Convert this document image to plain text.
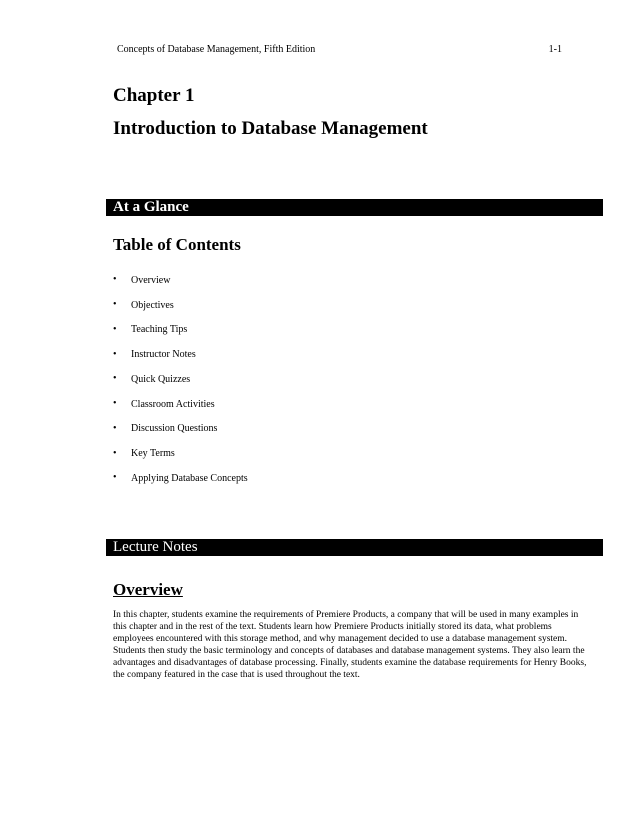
Concepts of Database Management, Fifth Edition	1-1
Chapter 1
Introduction to Database Management
At a Glance
Table of Contents
•	Overview
•	Objectives
•	Teaching Tips
•	Instructor Notes
•	Quick Quizzes
•	Classroom Activities
•	Discussion Questions
•	Key Terms
•	Applying Database Concepts
Lecture Notes
Overview

In this chapter, students examine the requirements of Premiere Products, a company that will be used in many examples in this chapter and in the rest of the text. Students learn how Premiere Products initially stored its data, what problems employees encountered with this storage method, and why management decided to use a database management system. Students then study the basic terminology and concepts of databases and database management systems. They also learn the advantages and disadvantages of database processing. Finally, students examine the database requirements for Henry Books, the company featured in the case that is used throughout the text.
